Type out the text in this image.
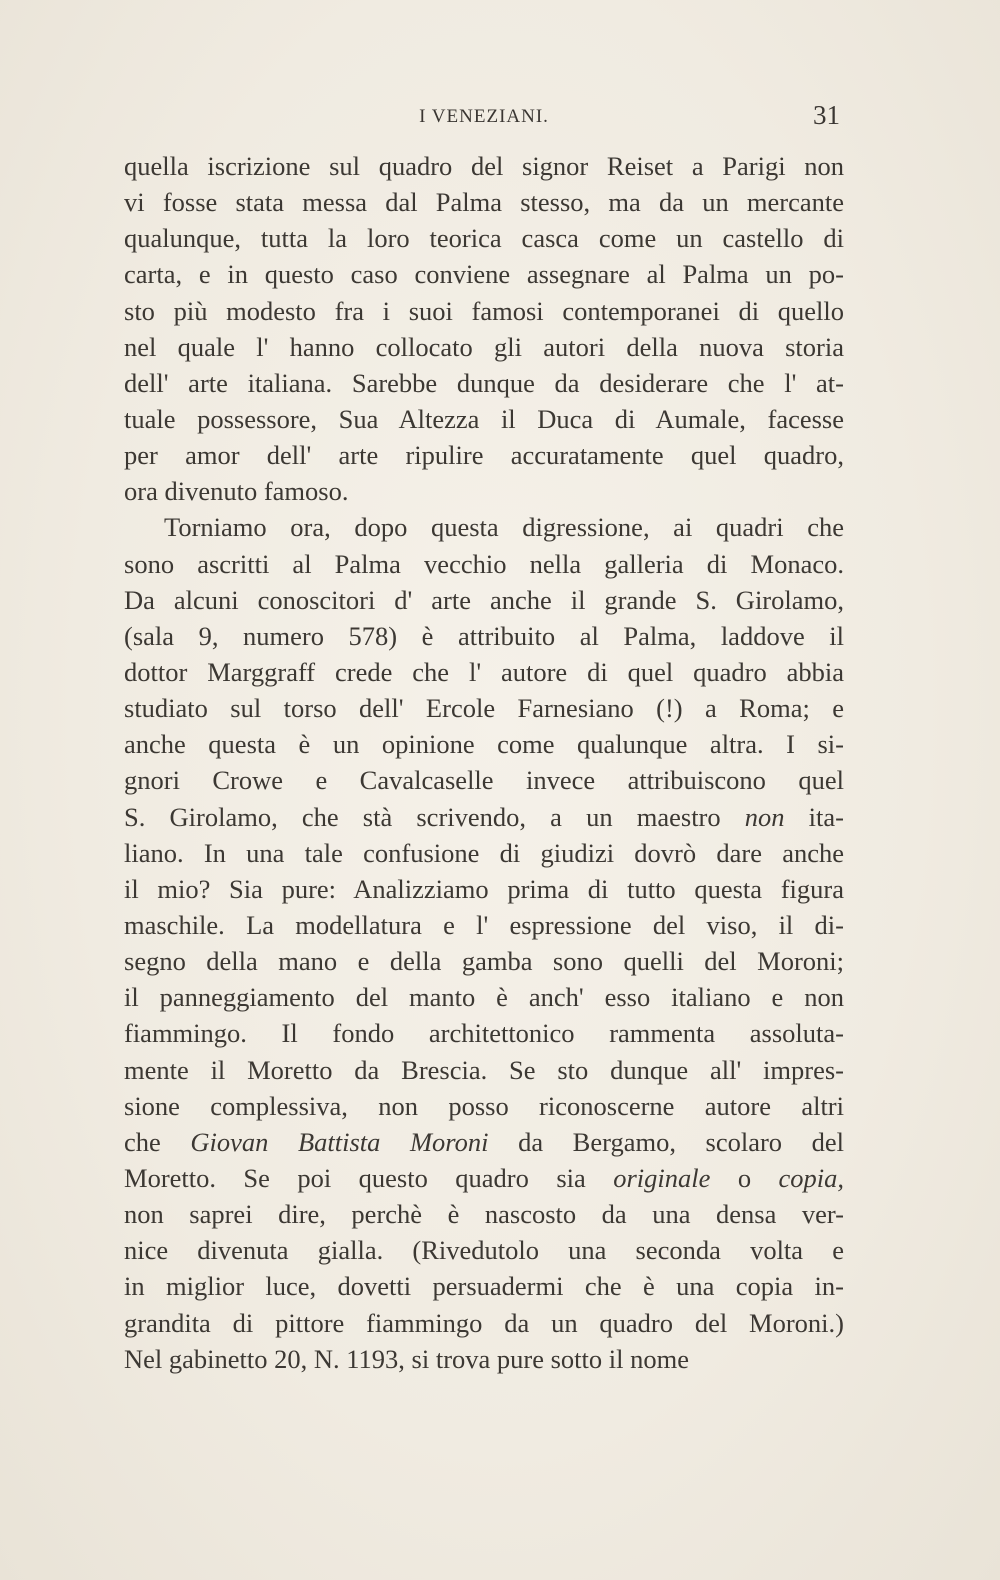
I VENEZIANI.	31
quella iscrizione sul quadro del signor Reiset a Parigi non
vi fosse stata messa dal Palma stesso, ma da un mercante
qualunque, tutta la loro teorica casca come un castello di
carta, e in questo caso conviene assegnare al Palma un po-
sto più modesto fra i suoi famosi contemporanei di quello
nel quale l' hanno collocato gli autori della nuova storia
dell' arte italiana. Sarebbe dunque da desiderare che l' at-
tuale possessore, Sua Altezza il Duca di Aumale, facesse
per amor dell' arte ripulire accuratamente quel quadro,
ora divenuto famoso.
Torniamo ora, dopo questa digressione, ai quadri che
sono ascritti al Palma vecchio nella galleria di Monaco.
Da alcuni conoscitori d' arte anche il grande S. Girolamo,
(sala 9, numero 578) è attribuito al Palma, laddove il
dottor Marggraff crede che l' autore di quel quadro abbia
studiato sul torso dell' Ercole Farnesiano (!) a Roma; e
anche questa è un opinione come qualunque altra. I si-
gnori Crowe e Cavalcaselle invece attribuiscono quel
S. Girolamo, che stà scrivendo, a un maestro non ita-
liano. In una tale confusione di giudizi dovrò dare anche
il mio? Sia pure: Analizziamo prima di tutto questa figura
maschile. La modellatura e l' espressione del viso, il di-
segno della mano e della gamba sono quelli del Moroni;
il panneggiamento del manto è anch' esso italiano e non
fiammingo. Il fondo architettonico rammenta assoluta-
mente il Moretto da Brescia. Se sto dunque all' impres-
sione complessiva, non posso riconoscerne autore altri
che Giovan Battista Moroni da Bergamo, scolaro del
Moretto. Se poi questo quadro sia originale o copia,
non saprei dire, perchè è nascosto da una densa ver-
nice divenuta gialla. (Rivedutolo una seconda volta e
in miglior luce, dovetti persuadermi che è una copia in-
grandita di pittore fiammingo da un quadro del Moroni.)
Nel gabinetto 20, N. 1193, si trova pure sotto il nome
